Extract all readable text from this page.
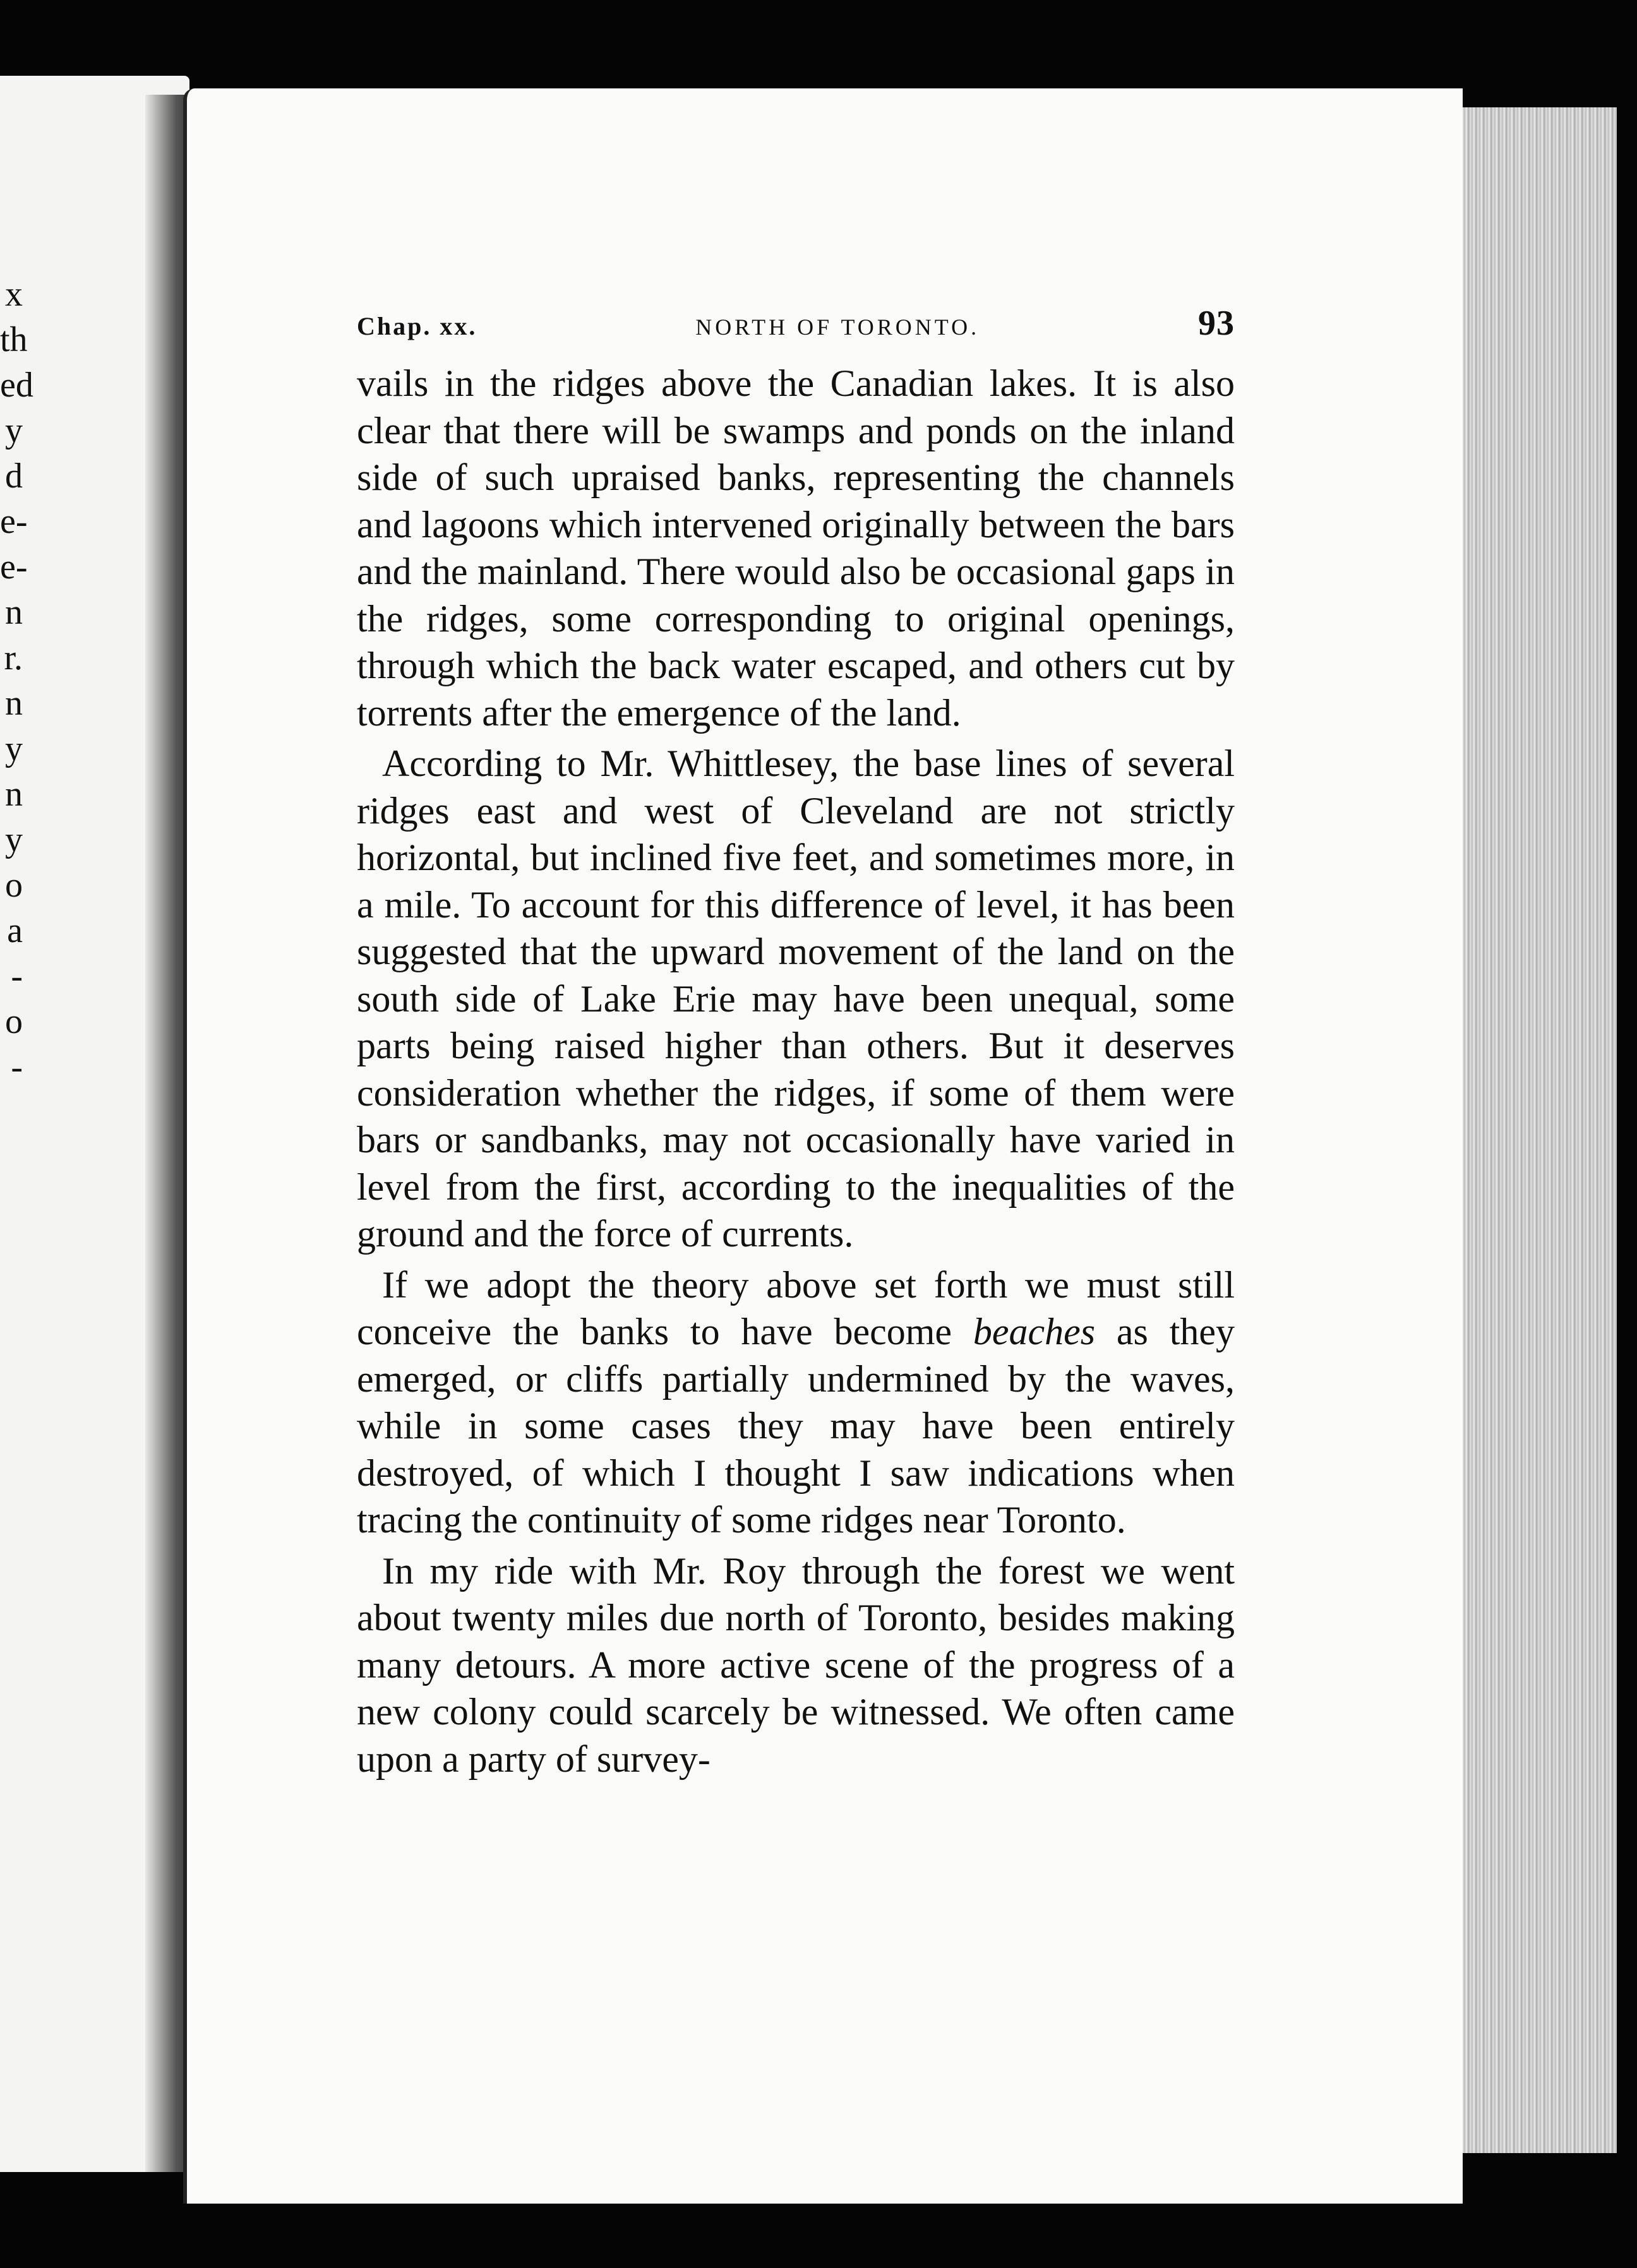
x
th
ed
y
d
e-
e-
n
r.
n
y
n
y
o
a
-
o
-
Chap. xx.	NORTH OF TORONTO.	93

vails in the ridges above the Canadian lakes. It is also clear that there will be swamps and ponds on the inland side of such upraised banks, representing the channels and lagoons which intervened originally between the bars and the mainland. There would also be occasional gaps in the ridges, some corresponding to original openings, through which the back water escaped, and others cut by torrents after the emergence of the land.

According to Mr. Whittlesey, the base lines of several ridges east and west of Cleveland are not strictly horizontal, but inclined five feet, and sometimes more, in a mile. To account for this difference of level, it has been suggested that the upward movement of the land on the south side of Lake Erie may have been unequal, some parts being raised higher than others. But it deserves consideration whether the ridges, if some of them were bars or sandbanks, may not occasionally have varied in level from the first, according to the inequalities of the ground and the force of currents.

If we adopt the theory above set forth we must still conceive the banks to have become beaches as they emerged, or cliffs partially undermined by the waves, while in some cases they may have been entirely destroyed, of which I thought I saw indications when tracing the continuity of some ridges near Toronto.

In my ride with Mr. Roy through the forest we went about twenty miles due north of Toronto, besides making many detours. A more active scene of the progress of a new colony could scarcely be witnessed. We often came upon a party of survey-
